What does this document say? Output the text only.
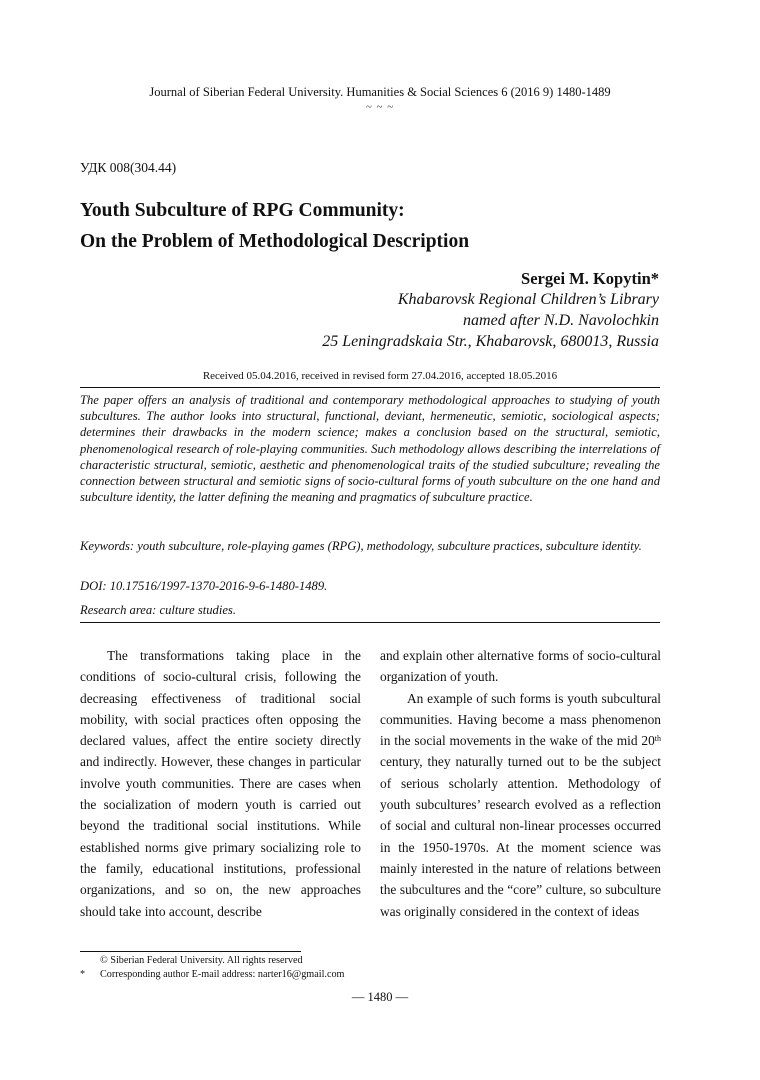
Journal of Siberian Federal University. Humanities & Social Sciences 6 (2016 9) 1480-1489
~ ~ ~
УДК 008(304.44)
Youth Subculture of RPG Community:
On the Problem of Methodological Description
Sergei M. Kopytin*
Khabarovsk Regional Children’s Library
named after N.D. Navolochkin
25 Leningradskaia Str., Khabarovsk, 680013, Russia
Received 05.04.2016, received in revised form 27.04.2016, accepted 18.05.2016

The paper offers an analysis of traditional and contemporary methodological approaches to studying of youth subcultures. The author looks into structural, functional, deviant, hermeneutic, semiotic, sociological aspects; determines their drawbacks in the modern science; makes a conclusion based on the structural, semiotic, phenomenological research of role-playing communities. Such methodology allows describing the interrelations of characteristic structural, semiotic, aesthetic and phenomenological traits of the studied subculture; revealing the connection between structural and semiotic signs of socio-cultural forms of youth subculture on the one hand and subculture identity, the latter defining the meaning and pragmatics of subculture practice.

Keywords: youth subculture, role-playing games (RPG), methodology, subculture practices, subculture identity.

DOI: 10.17516/1997-1370-2016-9-6-1480-1489.

Research area: culture studies.

The transformations taking place in the conditions of socio-cultural crisis, following the decreasing effectiveness of traditional social mobility, with social practices often opposing the declared values, affect the entire society directly and indirectly. However, these changes in particular involve youth communities. There are cases when the socialization of modern youth is carried out beyond the traditional social institutions. While established norms give primary socializing role to the family, educational institutions, professional organizations, and so on, the new approaches should take into account, describe

and explain other alternative forms of socio-cultural organization of youth.

An example of such forms is youth subcultural communities. Having become a mass phenomenon in the social movements in the wake of the mid 20th century, they naturally turned out to be the subject of serious scholarly attention. Methodology of youth subcultures’ research evolved as a reflection of social and cultural non-linear processes occurred in the 1950-1970s. At the moment science was mainly interested in the nature of relations between the subcultures and the “core” culture, so subculture was originally considered in the context of ideas

© Siberian Federal University. All rights reserved
* Corresponding author E-mail address: narter16@gmail.com
— 1480 —
